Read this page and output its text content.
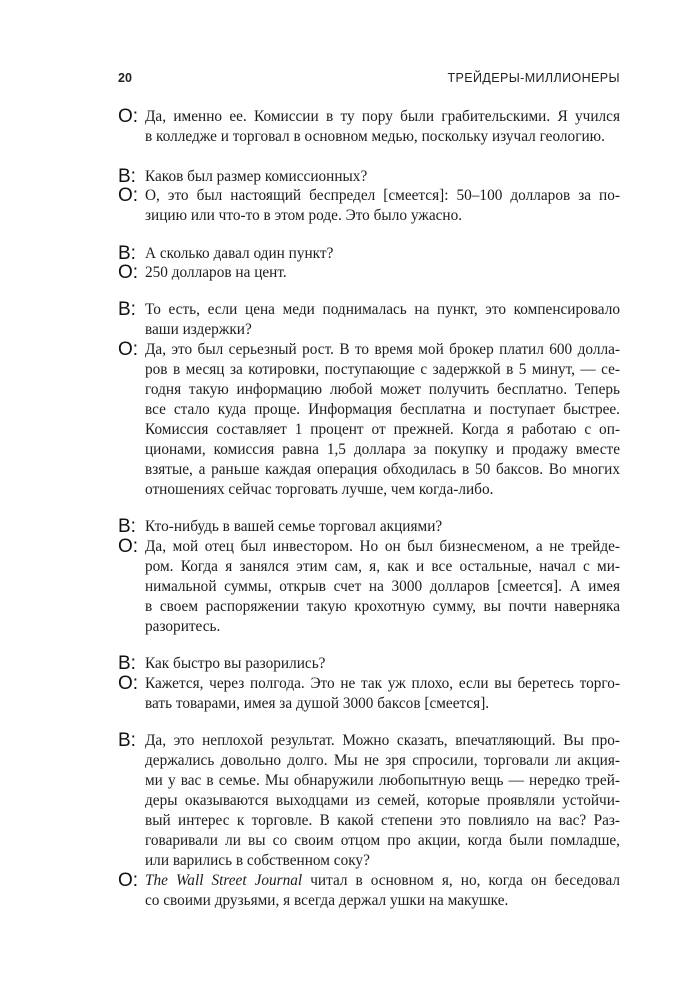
20	ТРЕЙДЕРЫ-МИЛЛИОНЕРЫ
О: Да, именно ее. Комиссии в ту пору были грабительскими. Я учился
в колледже и торговал в основном медью, поскольку изучал геологию.
В: Каков был размер комиссионных?
О: О, это был настоящий беспредел [смеется]: 50–100 долларов за по-
зицию или что-то в этом роде. Это было ужасно.
В: А сколько давал один пункт?
О: 250 долларов на цент.
В: То есть, если цена меди поднималась на пункт, это компенсировало
ваши издержки?
О: Да, это был серьезный рост. В то время мой брокер платил 600 долла-
ров в месяц за котировки, поступающие с задержкой в 5 минут, — се-
годня такую информацию любой может получить бесплатно. Теперь
все стало куда проще. Информация бесплатна и поступает быстрее.
Комиссия составляет 1 процент от прежней. Когда я работаю с оп-
ционами, комиссия равна 1,5 доллара за покупку и продажу вместе
взятые, а раньше каждая операция обходилась в 50 баксов. Во многих
отношениях сейчас торговать лучше, чем когда-либо.
В: Кто-нибудь в вашей семье торговал акциями?
О: Да, мой отец был инвестором. Но он был бизнесменом, а не трейде-
ром. Когда я занялся этим сам, я, как и все остальные, начал с ми-
нимальной суммы, открыв счет на 3000 долларов [смеется]. А имея
в своем распоряжении такую крохотную сумму, вы почти наверняка
разоритесь.
В: Как быстро вы разорились?
О: Кажется, через полгода. Это не так уж плохо, если вы беретесь торго-
вать товарами, имея за душой 3000 баксов [смеется].
В: Да, это неплохой результат. Можно сказать, впечатляющий. Вы про-
держались довольно долго. Мы не зря спросили, торговали ли акция-
ми у вас в семье. Мы обнаружили любопытную вещь — нередко трей-
деры оказываются выходцами из семей, которые проявляли устойчи-
вый интерес к торговле. В какой степени это повлияло на вас? Раз-
говаривали ли вы со своим отцом про акции, когда были помладше,
или варились в собственном соку?
О: The Wall Street Journal читал в основном я, но, когда он беседовал
со своими друзьями, я всегда держал ушки на макушке.
